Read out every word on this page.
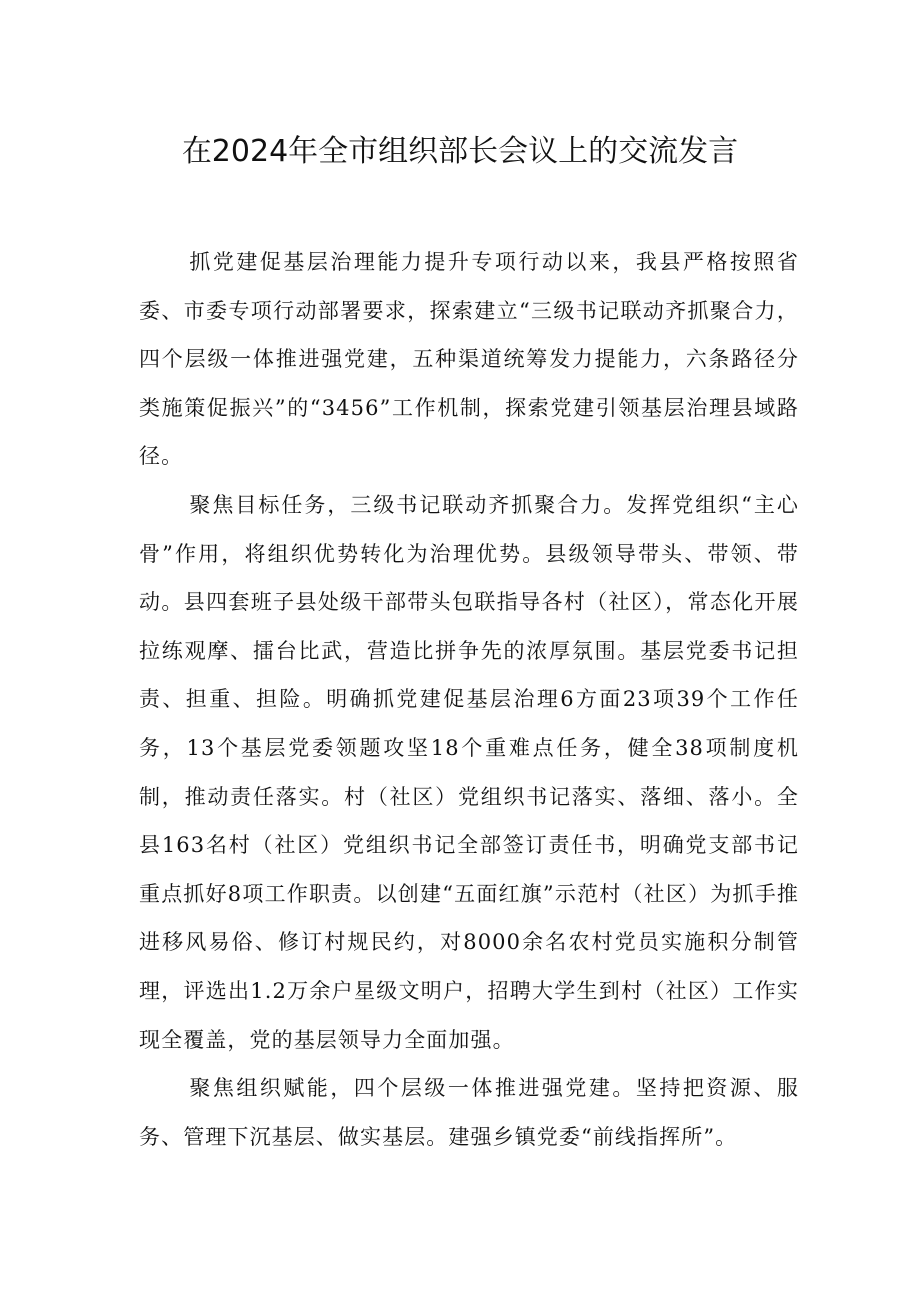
在2024年全市组织部长会议上的交流发言

抓党建促基层治理能力提升专项行动以来，我县严格按照省委、市委专项行动部署要求，探索建立“三级书记联动齐抓聚合力，四个层级一体推进强党建，五种渠道统筹发力提能力，六条路径分类施策促振兴”的“3456”工作机制，探索党建引领基层治理县域路径。

聚焦目标任务，三级书记联动齐抓聚合力。发挥党组织“主心骨”作用，将组织优势转化为治理优势。县级领导带头、带领、带动。县四套班子县处级干部带头包联指导各村（社区），常态化开展拉练观摩、擂台比武，营造比拼争先的浓厚氛围。基层党委书记担责、担重、担险。明确抓党建促基层治理6方面23项39个工作任务，13个基层党委领题攻坚18个重难点任务，健全38项制度机制，推动责任落实。村（社区）党组织书记落实、落细、落小。全县163名村（社区）党组织书记全部签订责任书，明确党支部书记重点抓好8项工作职责。以创建“五面红旗”示范村（社区）为抓手推进移风易俗、修订村规民约，对8000余名农村党员实施积分制管理，评选出1.2万余户星级文明户，招聘大学生到村（社区）工作实现全覆盖，党的基层领导力全面加强。

聚焦组织赋能，四个层级一体推进强党建。坚持把资源、服务、管理下沉基层、做实基层。建强乡镇党委“前线指挥所”。
